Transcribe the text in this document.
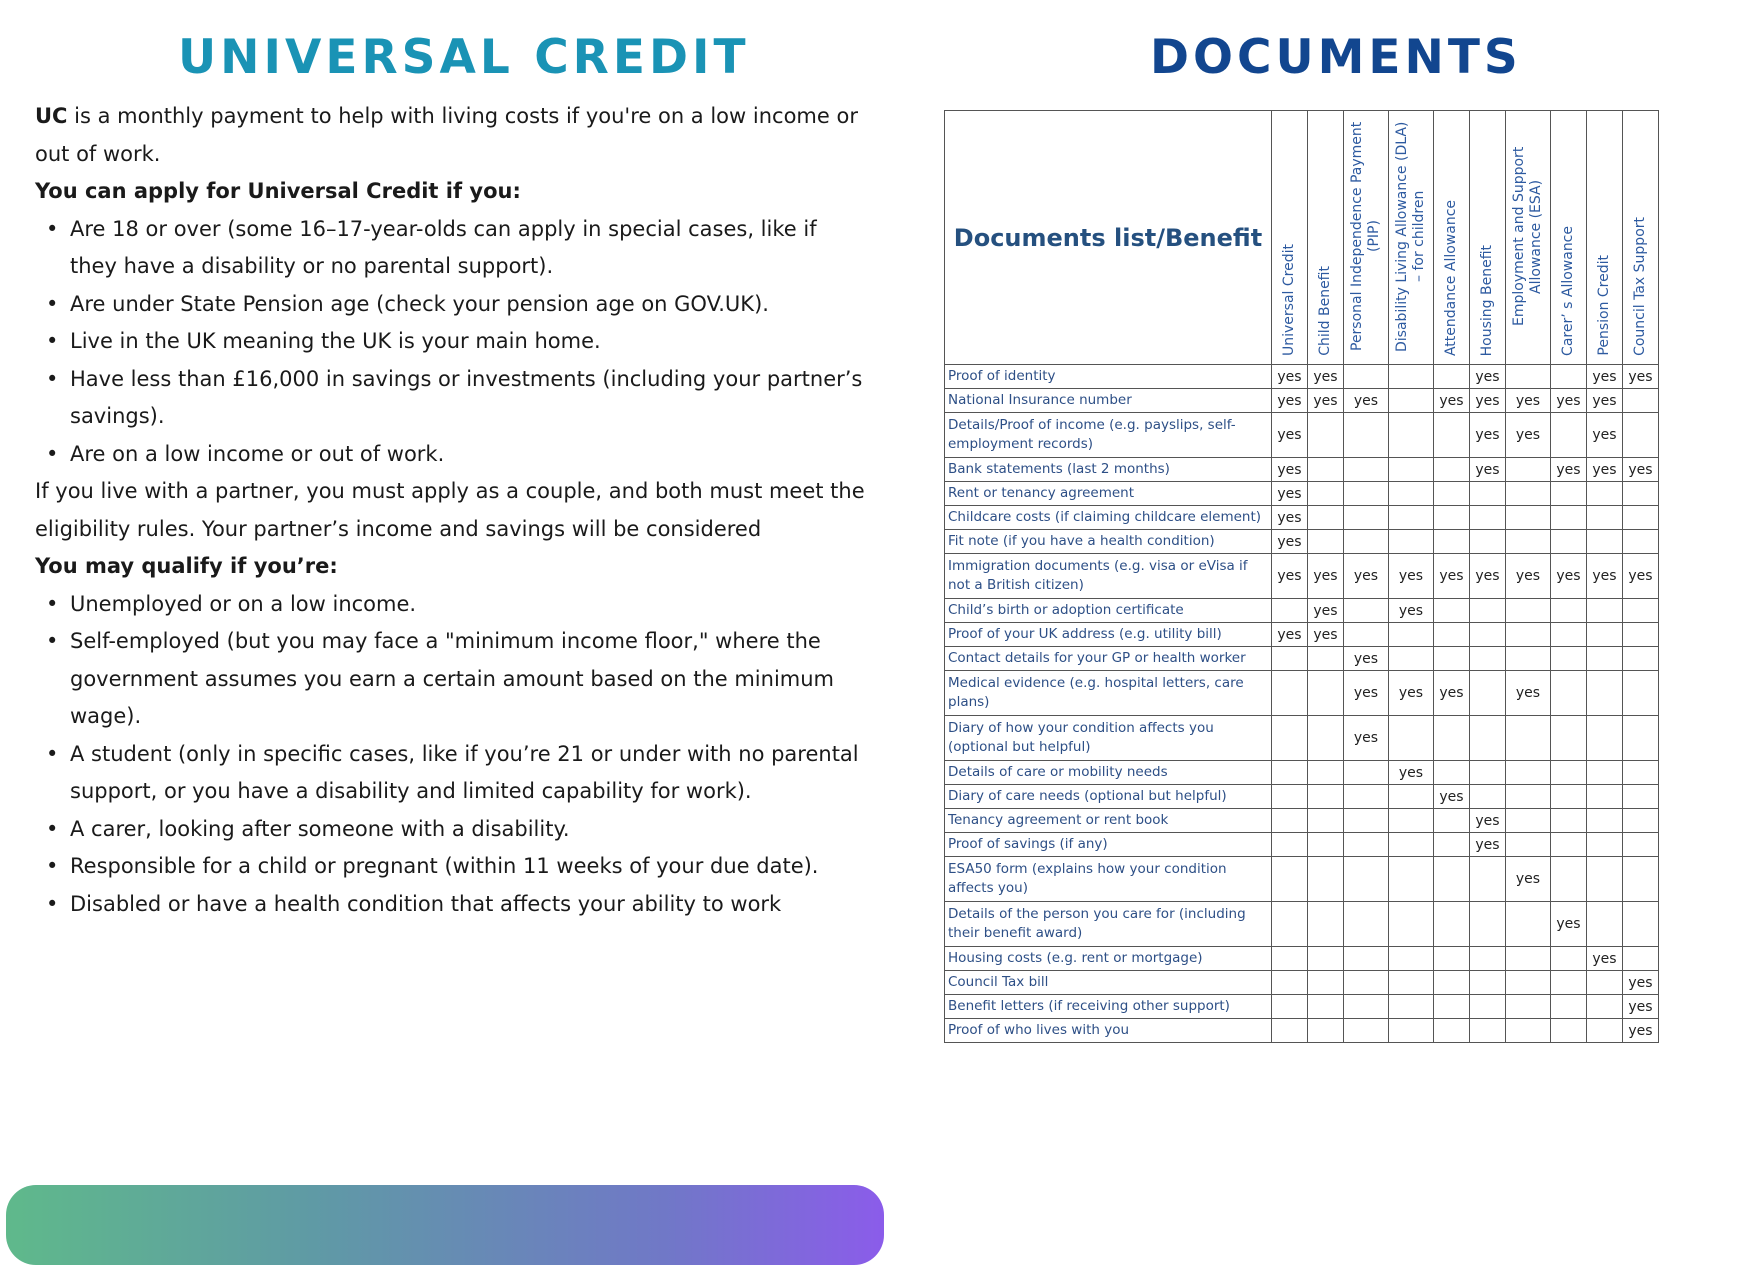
UNIVERSAL CREDIT	DOCUMENTS

UC is a monthly payment to help with living costs if you're on a low income or out of work.

You can apply for Universal Credit if you:

• Are 18 or over (some 16–17-year-olds can apply in special cases, like if they have a disability or no parental support).
• Are under State Pension age (check your pension age on GOV.UK).
• Live in the UK meaning the UK is your main home.
• Have less than £16,000 in savings or investments (including your partner’s savings).
• Are on a low income or out of work.

If you live with a partner, you must apply as a couple, and both must meet the eligibility rules. Your partner’s income and savings will be considered

You may qualify if you’re:

• Unemployed or on a low income.
• Self-employed (but you may face a "minimum income floor," where the government assumes you earn a certain amount based on the minimum wage).
• A student (only in specific cases, like if you’re 21 or under with no parental support, or you have a disability and limited capability for work).
• A carer, looking after someone with a disability.
• Responsible for a child or pregnant (within 11 weeks of your due date).
• Disabled or have a health condition that affects your ability to work
Documents list/Benefit	Universal Credit	Child Benefit	Personal Independence Payment (PIP)	Disability Living Allowance (DLA) – for children	Attendance Allowance	Housing Benefit	Employment and Support Allowance (ESA)	Carer’ s Allowance	Pension Credit	Council Tax Support
Proof of identity	yes	yes				yes			yes	yes
National Insurance number	yes	yes	yes		yes	yes	yes	yes	yes	
Details/Proof of income (e.g. payslips, self-employment records)	yes					yes	yes		yes	
Bank statements (last 2 months)	yes					yes		yes	yes	yes
Rent or tenancy agreement	yes									
Childcare costs (if claiming childcare element)	yes									
Fit note (if you have a health condition)	yes									
Immigration documents (e.g. visa or eVisa if not a British citizen)	yes	yes	yes	yes	yes	yes	yes	yes	yes	yes
Child’s birth or adoption certificate		yes		yes						
Proof of your UK address (e.g. utility bill)	yes	yes								
Contact details for your GP or health worker			yes							
Medical evidence (e.g. hospital letters, care plans)			yes	yes	yes		yes			
Diary of how your condition affects you (optional but helpful)			yes							
Details of care or mobility needs				yes						
Diary of care needs (optional but helpful)					yes					
Tenancy agreement or rent book						yes				
Proof of savings (if any)						yes				
ESA50 form (explains how your condition affects you)							yes			
Details of the person you care for (including their benefit award)								yes		
Housing costs (e.g. rent or mortgage)									yes	
Council Tax bill										yes
Benefit letters (if receiving other support)										yes
Proof of who lives with you										yes
